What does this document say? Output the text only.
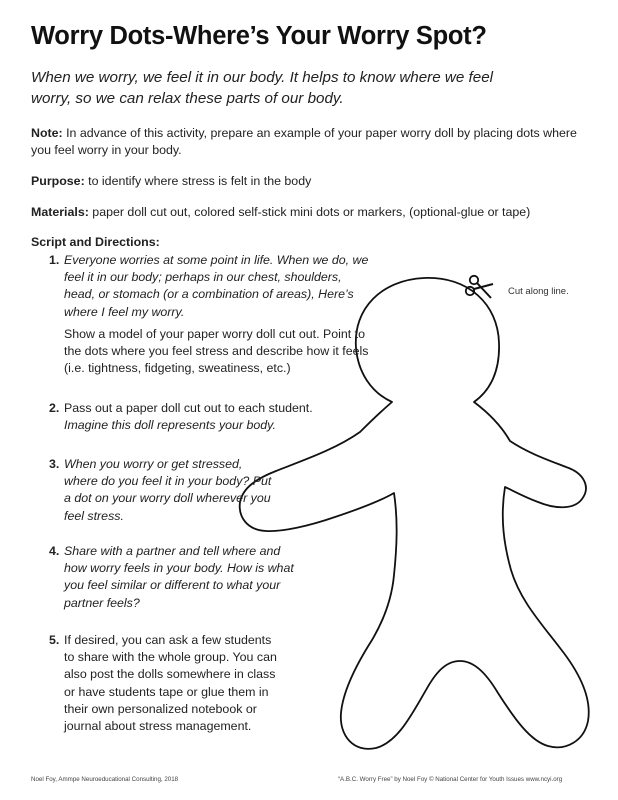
Cut along line.
Worry Dots-Where’s Your Worry Spot?

When we worry, we feel it in our body. It helps to know where we feel worry, so we can relax these parts of our body.

Note: In advance of this activity, prepare an example of your paper worry doll by placing dots where you feel worry in your body.

Purpose: to identify where stress is felt in the body

Materials: paper doll cut out, colored self-stick mini dots or markers, (optional-glue or tape)

Script and Directions:

1. Everyone worries at some point in life. When we do, we feel it in our body; perhaps in our chest, shoulders, head, or stomach (or a combination of areas), Here’s where I feel my worry.
Show a model of your paper worry doll cut out. Point to the dots where you feel stress and describe how it feels (i.e. tightness, fidgeting, sweatiness, etc.)
2. Pass out a paper doll cut out to each student. Imagine this doll represents your body.
3. When you worry or get stressed, where do you feel it in your body? Put a dot on your worry doll wherever you feel stress.
4. Share with a partner and tell where and how worry feels in your body. How is what you feel similar or different to what your partner feels?
5. If desired, you can ask a few students to share with the whole group. You can also post the dolls somewhere in class or have students tape or glue them in their own personalized notebook or journal about stress management.
Noel Foy, Ammpe Neuroeducational Consulting, 2018	“A.B.C. Worry Free” by Noel Foy © National Center for Youth Issues www.ncyi.org
